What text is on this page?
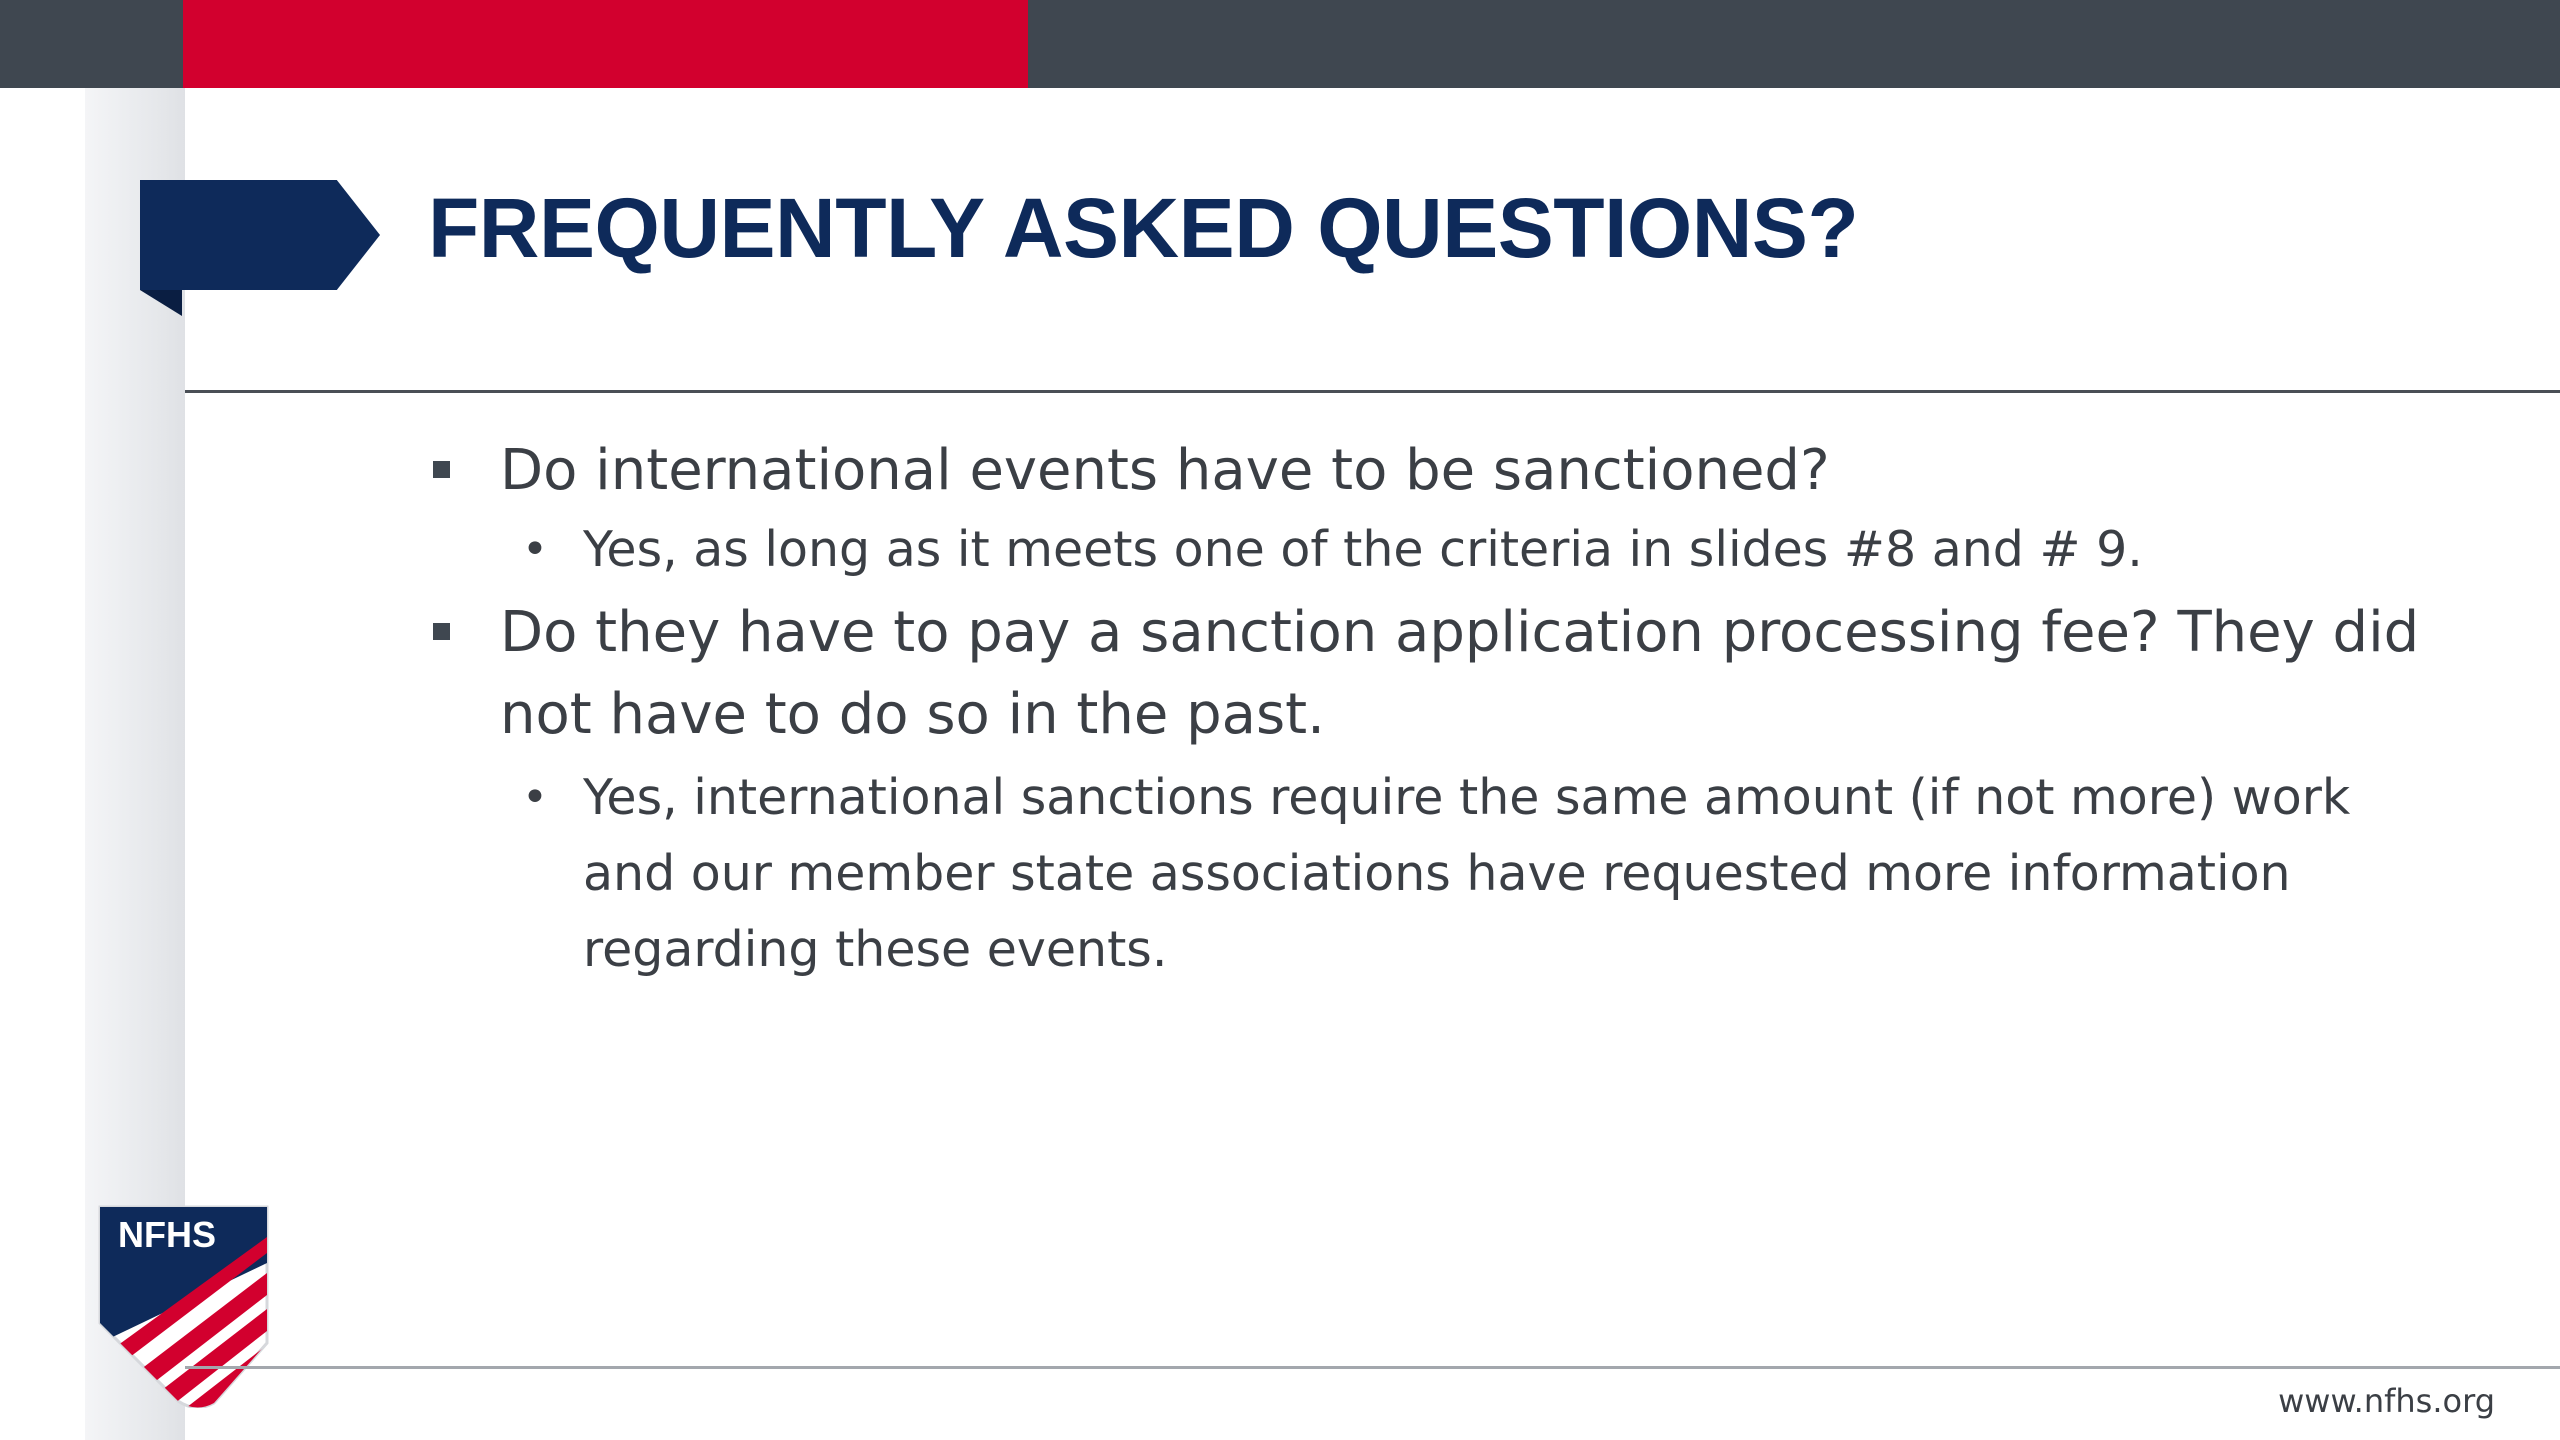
FREQUENTLY ASKED QUESTIONS?

Do international events have to be sanctioned?

• Yes, as long as it meets one of the criteria in slides #8 and # 9.

Do they have to pay a sanction application processing fee? They did
not have to do so in the past.

• Yes, international sanctions require the same amount (if not more) work
and our member state associations have requested more information
regarding these events.

NFHS
www.nfhs.org
